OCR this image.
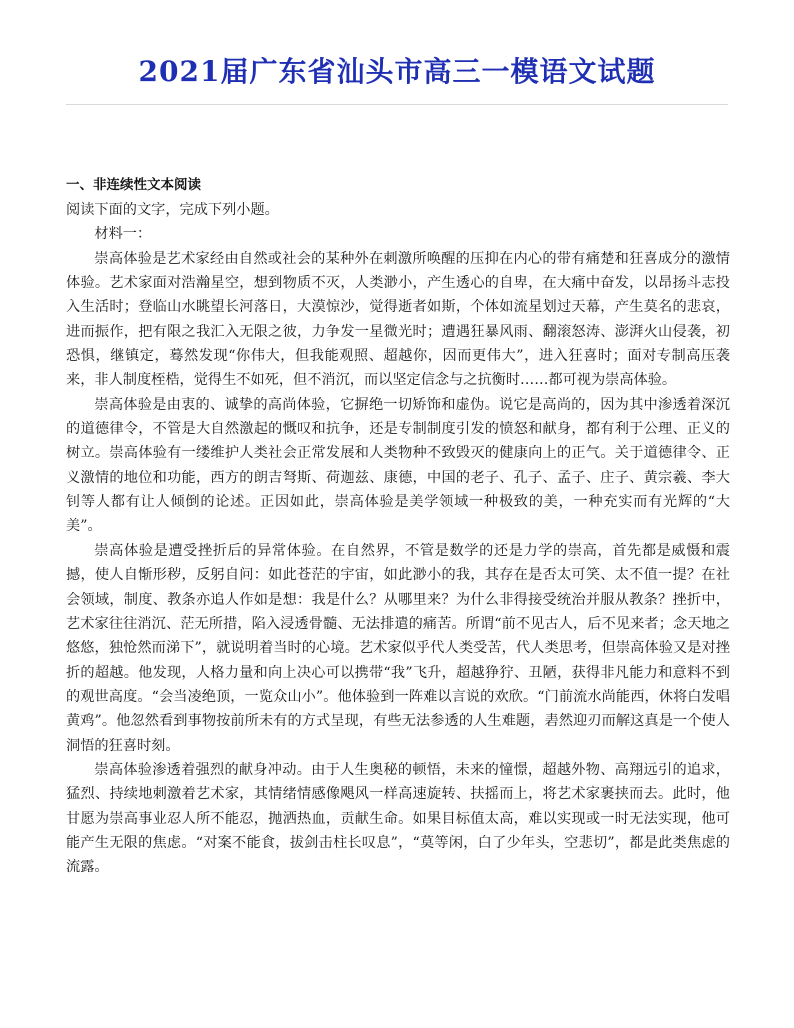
2021届广东省汕头市高三一模语文试题

一、非连续性文本阅读

阅读下面的文字，完成下列小题。

材料一：

崇高体验是艺术家经由自然或社会的某种外在刺激所唤醒的压抑在内心的带有痛楚和狂喜成分的激情体验。艺术家面对浩瀚星空，想到物质不灭，人类渺小，产生透心的自卑，在大痛中奋发，以昂扬斗志投入生活时；登临山水眺望长河落日，大漠惊沙，觉得逝者如斯，个体如流星划过天幕，产生莫名的悲哀，进而振作，把有限之我汇入无限之彼，力争发一星微光时；遭遇狂暴风雨、翻滚怒涛、澎湃火山侵袭，初恐惧，继镇定，蓦然发现“你伟大，但我能观照、超越你，因而更伟大”，进入狂喜时；面对专制高压袭来，非人制度桎梏，觉得生不如死，但不消沉，而以坚定信念与之抗衡时……都可视为崇高体验。

崇高体验是由衷的、诚挚的高尚体验，它摒绝一切矫饰和虚伪。说它是高尚的，因为其中渗透着深沉的道德律令，不管是大自然激起的慨叹和抗争，还是专制制度引发的愤怒和献身，都有利于公理、正义的树立。崇高体验有一缕维护人类社会正常发展和人类物种不致毁灭的健康向上的正气。关于道德律令、正义激情的地位和功能，西方的朗吉弩斯、荷迦兹、康德，中国的老子、孔子、孟子、庄子、黄宗羲、李大钊等人都有让人倾倒的论述。正因如此，崇高体验是美学领域一种极致的美，一种充实而有光辉的“大美”。

崇高体验是遭受挫折后的异常体验。在自然界，不管是数学的还是力学的崇高，首先都是威慑和震撼，使人自惭形秽，反躬自问：如此苍茫的宇宙，如此渺小的我，其存在是否太可笑、太不值一提？在社会领域，制度、教条亦追人作如是想：我是什么？从哪里来？为什么非得接受统治并服从教条？挫折中，艺术家往往消沉、茫无所措，陷入浸透骨髓、无法排遣的痛苦。所谓“前不见古人，后不见来者；念天地之悠悠，独怆然而涕下”，就说明着当时的心境。艺术家似乎代人类受苦，代人类思考，但崇高体验又是对挫折的超越。他发现，人格力量和向上决心可以携带“我”飞升，超越狰狞、丑陋，获得非凡能力和意料不到的观世高度。“会当凌绝顶，一览众山小”。他体验到一阵难以言说的欢欣。“门前流水尚能西，休将白发唱黄鸡”。他忽然看到事物按前所未有的方式呈现，有些无法参透的人生难题，砉然迎刃而解这真是一个使人洞悟的狂喜时刻。

崇高体验渗透着强烈的献身冲动。由于人生奥秘的顿悟，未来的憧憬，超越外物、高翔远引的追求，猛烈、持续地刺激着艺术家，其情绪情感像飓风一样高速旋转、扶摇而上，将艺术家裹挟而去。此时，他甘愿为崇高事业忍人所不能忍，抛洒热血，贡献生命。如果目标值太高，难以实现或一时无法实现，他可能产生无限的焦虑。“对案不能食，拔剑击柱长叹息”，“莫等闲，白了少年头，空悲切”，都是此类焦虑的流露。
